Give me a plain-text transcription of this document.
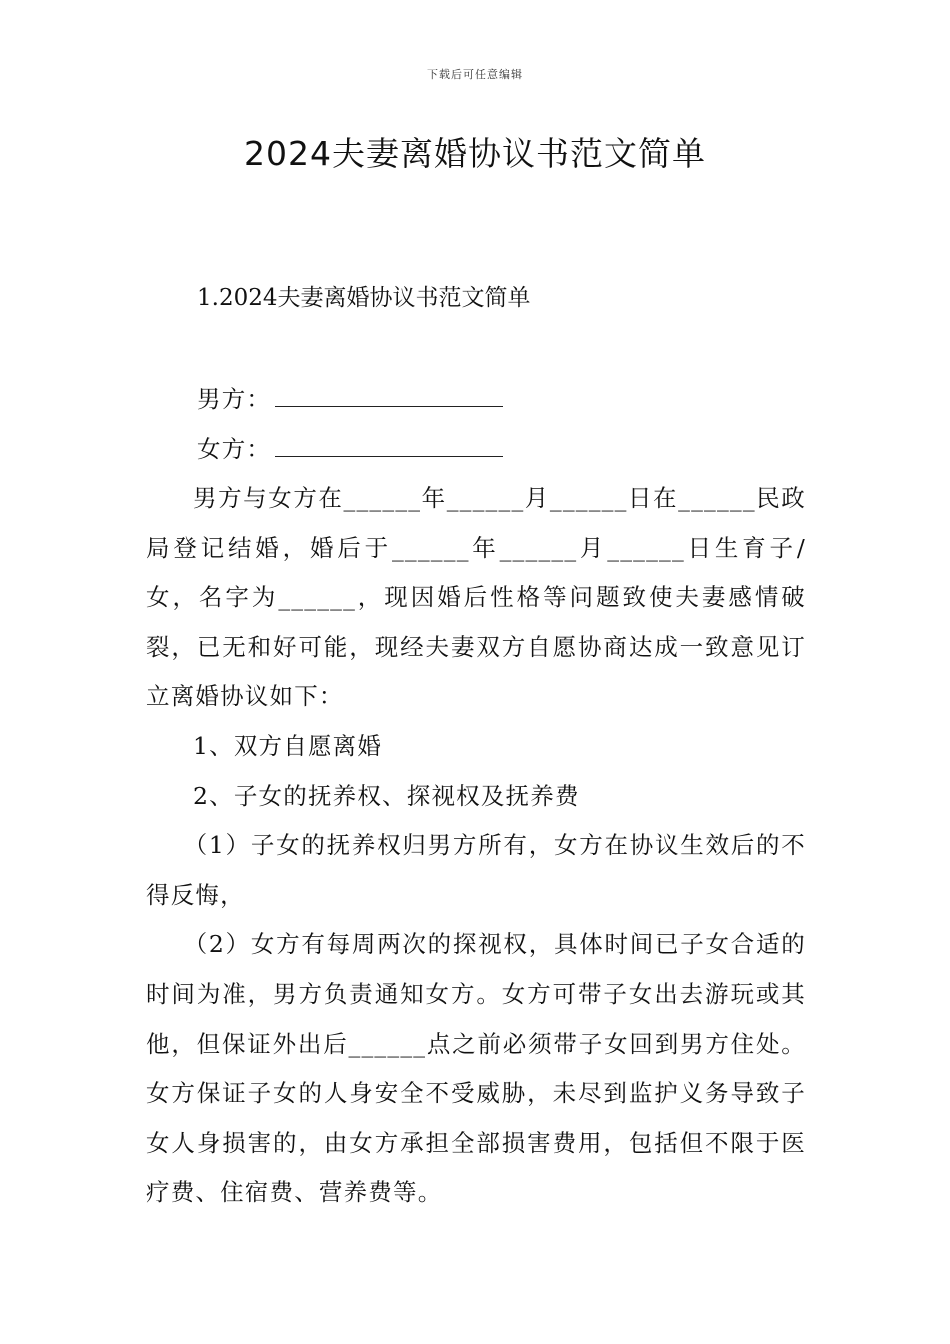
下载后可任意编辑
2024夫妻离婚协议书范文简单
1.2024夫妻离婚协议书范文简单
男方：
女方：

男方与女方在______年______月______日在______民政局登记结婚，婚后于______年______月______日生育子/女，名字为______，现因婚后性格等问题致使夫妻感情破裂，已无和好可能，现经夫妻双方自愿协商达成一致意见订立离婚协议如下：

1、双方自愿离婚

2、子女的抚养权、探视权及抚养费

（1）子女的抚养权归男方所有，女方在协议生效后的不得反悔，

（2）女方有每周两次的探视权，具体时间已子女合适的时间为准，男方负责通知女方。女方可带子女出去游玩或其他，但保证外出后______点之前必须带子女回到男方住处。女方保证子女的人身安全不受威胁，未尽到监护义务导致子女人身损害的，由女方承担全部损害费用，包括但不限于医疗费、住宿费、营养费等。
